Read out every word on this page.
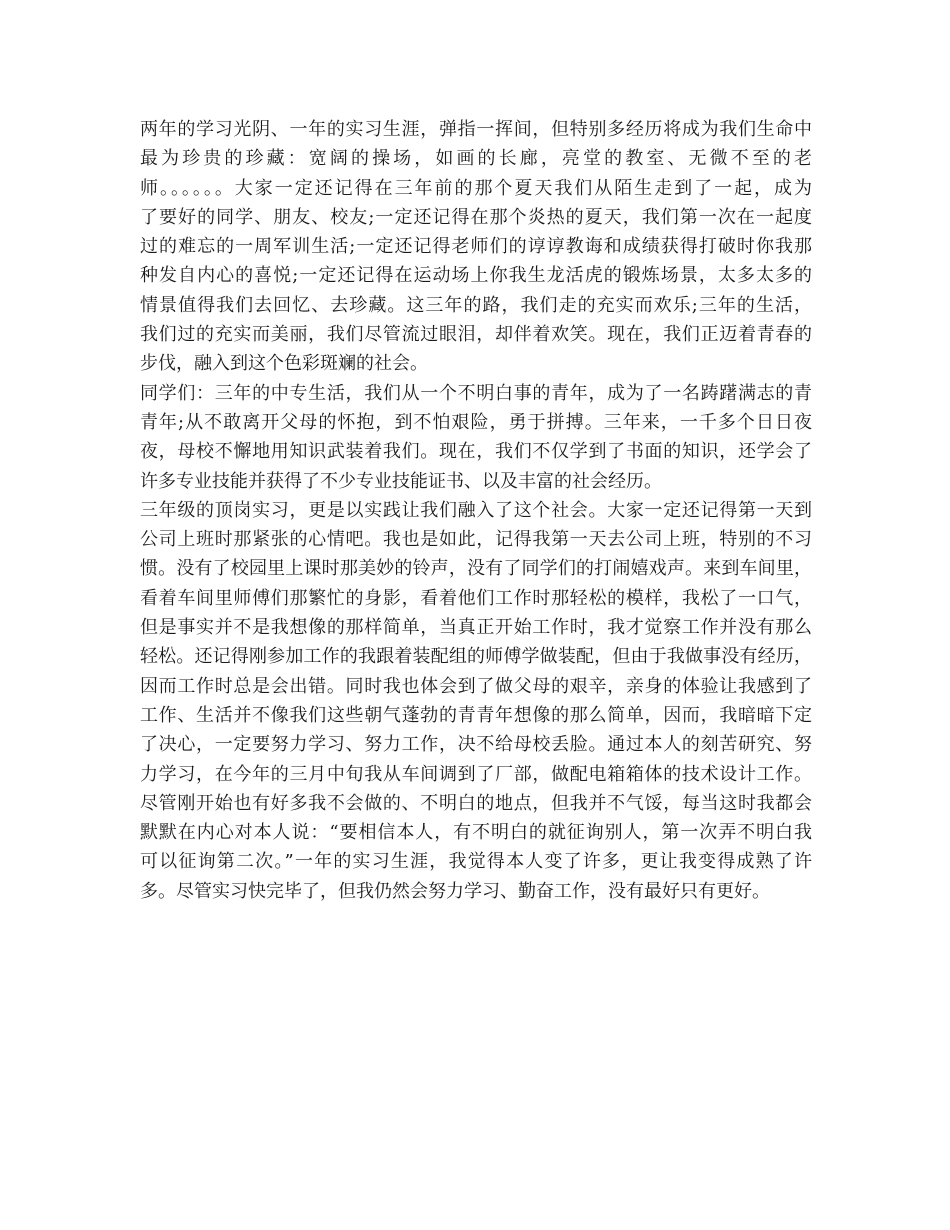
两年的学习光阴、一年的实习生涯，弹指一挥间，但特别多经历将成为我们生命中
最为珍贵的珍藏：宽阔的操场，如画的长廊，亮堂的教室、无微不至的老
师。。。。。。大家一定还记得在三年前的那个夏天我们从陌生走到了一起，成为
了要好的同学、朋友、校友;一定还记得在那个炎热的夏天，我们第一次在一起度
过的难忘的一周军训生活;一定还记得老师们的谆谆教诲和成绩获得打破时你我那
种发自内心的喜悦;一定还记得在运动场上你我生龙活虎的锻炼场景，太多太多的
情景值得我们去回忆、去珍藏。这三年的路，我们走的充实而欢乐;三年的生活，
我们过的充实而美丽，我们尽管流过眼泪，却伴着欢笑。现在，我们正迈着青春的
步伐，融入到这个色彩斑斓的社会。
同学们：三年的中专生活，我们从一个不明白事的青年，成为了一名踌躇满志的青
青年;从不敢离开父母的怀抱，到不怕艰险，勇于拼搏。三年来，一千多个日日夜
夜，母校不懈地用知识武装着我们。现在，我们不仅学到了书面的知识，还学会了
许多专业技能并获得了不少专业技能证书、以及丰富的社会经历。
三年级的顶岗实习，更是以实践让我们融入了这个社会。大家一定还记得第一天到
公司上班时那紧张的心情吧。我也是如此，记得我第一天去公司上班，特别的不习
惯。没有了校园里上课时那美妙的铃声，没有了同学们的打闹嬉戏声。来到车间里，
看着车间里师傅们那繁忙的身影，看着他们工作时那轻松的模样，我松了一口气，
但是事实并不是我想像的那样简单，当真正开始工作时，我才觉察工作并没有那么
轻松。还记得刚参加工作的我跟着装配组的师傅学做装配，但由于我做事没有经历，
因而工作时总是会出错。同时我也体会到了做父母的艰辛，亲身的体验让我感到了
工作、生活并不像我们这些朝气蓬勃的青青年想像的那么简单，因而，我暗暗下定
了决心，一定要努力学习、努力工作，决不给母校丢脸。通过本人的刻苦研究、努
力学习，在今年的三月中旬我从车间调到了厂部，做配电箱箱体的技术设计工作。
尽管刚开始也有好多我不会做的、不明白的地点，但我并不气馁，每当这时我都会
默默在内心对本人说：“要相信本人，有不明白的就征询别人，第一次弄不明白我
可以征询第二次。”一年的实习生涯，我觉得本人变了许多，更让我变得成熟了许
多。尽管实习快完毕了，但我仍然会努力学习、勤奋工作，没有最好只有更好。
